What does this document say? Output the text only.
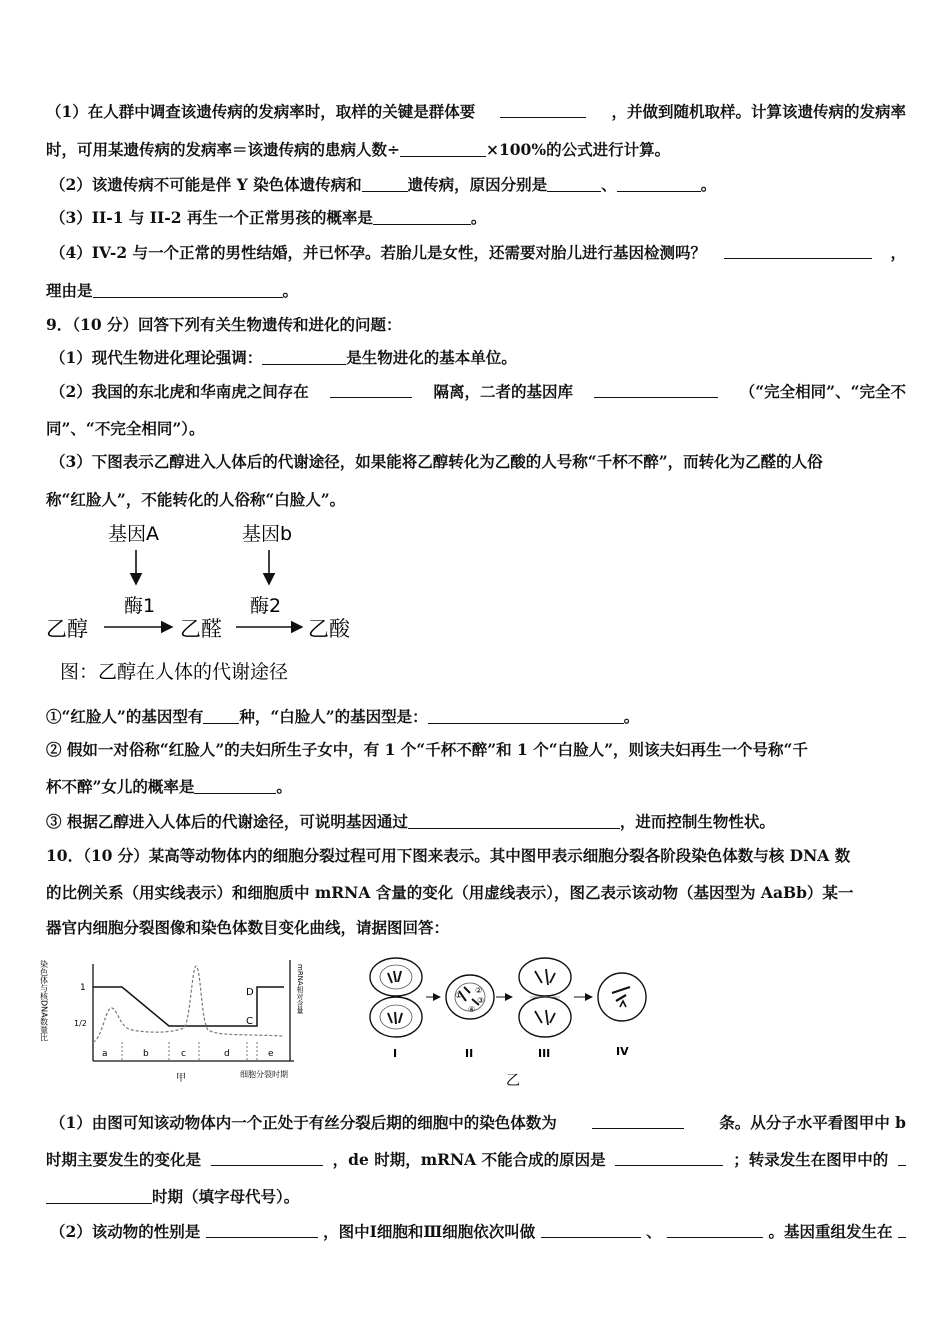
（1）在人群中调查该遗传病的发病率时，取样的关键是群体要	，并做到随机取样。计算该遗传病的发病率
时，可用某遗传病的发病率＝该遗传病的患病人数÷	×100%的公式进行计算。
（2）该遗传病不可能是伴 Y 染色体遗传病和	遗传病，原因分别是	、	。
（3）II-1 与 II-2 再生一个正常男孩的概率是	。
（4）IV-2 与一个正常的男性结婚，并已怀孕。若胎儿是女性，还需要对胎儿进行基因检测吗？	，
理由是	。
9．（10 分）回答下列有关生物遗传和进化的问题：
（1）现代生物进化理论强调：	是生物进化的基本单位。
（2）我国的东北虎和华南虎之间存在	隔离，二者的基因库	（“完全相同”、“完全不
同”、“不完全相同”）。
（3）下图表示乙醇进入人体后的代谢途径，如果能将乙醇转化为乙酸的人号称“千杯不醉”，而转化为乙醛的人俗
称“红脸人”，不能转化的人俗称“白脸人”。
基因A	基因b
酶1	酶2
乙醇	乙醛	乙酸
图：乙醇在人体的代谢途径
①“红脸人”的基因型有 种，“白脸人”的基因型是：	。
② 假如一对俗称“红脸人”的夫妇所生子女中，有 1 个“千杯不醉”和 1 个“白脸人”，则该夫妇再生一个号称“千
杯不醉”女儿的概率是	。
③ 根据乙醇进入人体后的代谢途径，可说明基因通过	，进而控制生物性状。
10．（10 分）某高等动物体内的细胞分裂过程可用下图来表示。其中图甲表示细胞分裂各阶段染色体数与核 DNA 数
的比例关系（用实线表示）和细胞质中 mRNA 含量的变化（用虚线表示），图乙表示该动物（基因型为 AaBb）某一
器官内细胞分裂图像和染色体数目变化曲线，请据图回答：
染色体与核DNA数量比	mRNA相对含量
1
1/2
a	b	c	d	e
D
C
甲	细胞分裂时期
②
③
④
①
I	II	III	IV
乙
（1）由图可知该动物体内一个正处于有丝分裂后期的细胞中的染色体数为	条。从分子水平看图甲中 b
时期主要发生的变化是	，de 时期，mRNA 不能合成的原因是	；转录发生在图甲中的
时期（填字母代号）。
（2）该动物的性别是	，图中Ⅰ细胞和Ⅲ细胞依次叫做	、	。基因重组发生在
